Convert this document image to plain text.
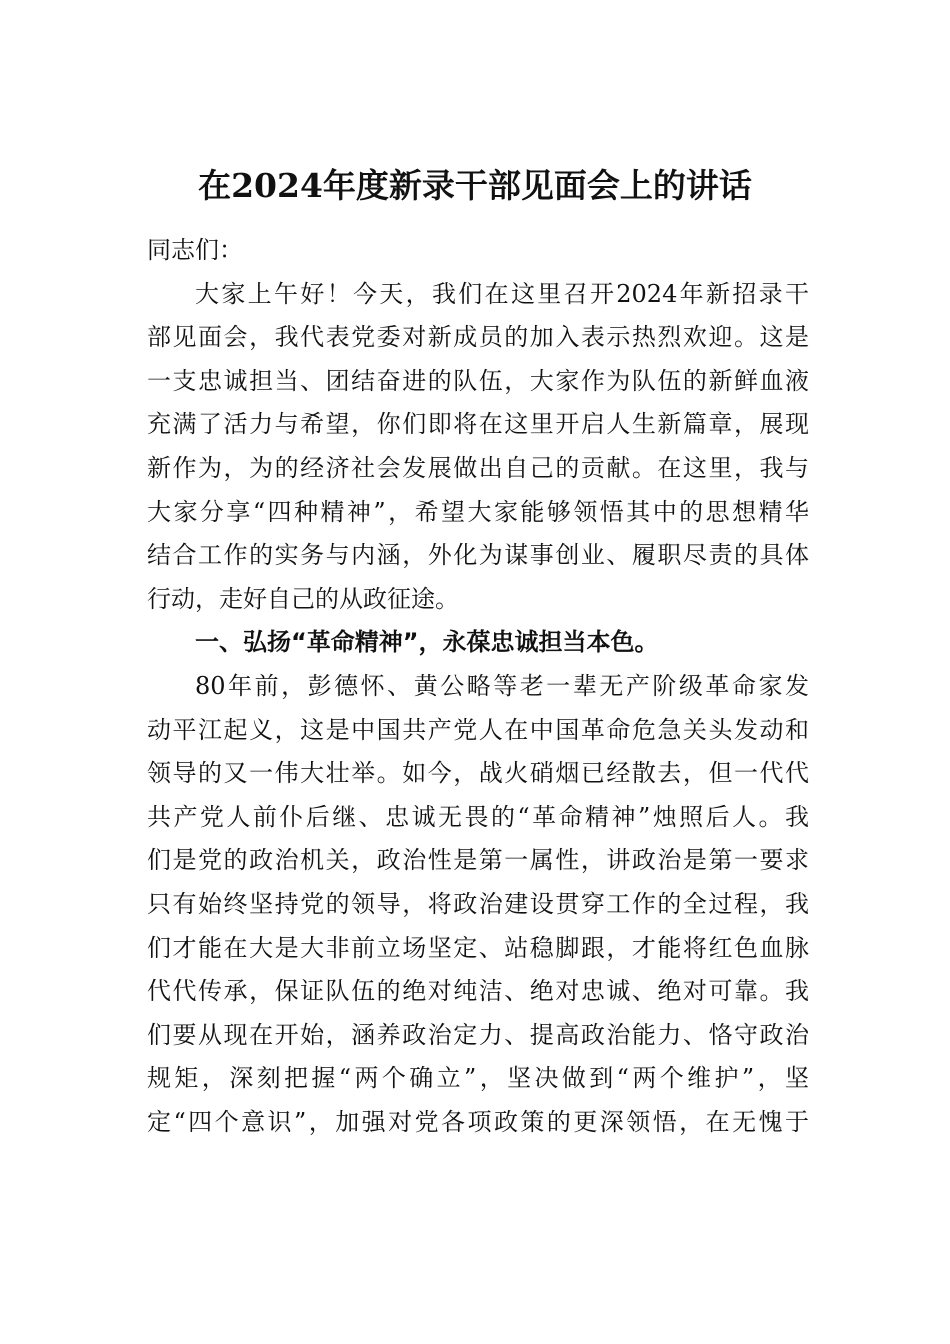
在2024年度新录干部见面会上的讲话
同志们：
大家上午好！今天，我们在这里召开2024年新招录干
部见面会，我代表党委对新成员的加入表示热烈欢迎。这是
一支忠诚担当、团结奋进的队伍，大家作为队伍的新鲜血液
充满了活力与希望，你们即将在这里开启人生新篇章，展现
新作为，为的经济社会发展做出自己的贡献。在这里，我与
大家分享“四种精神”，希望大家能够领悟其中的思想精华
结合工作的实务与内涵，外化为谋事创业、履职尽责的具体
行动，走好自己的从政征途。
一、弘扬“革命精神”，永葆忠诚担当本色。
80年前，彭德怀、黄公略等老一辈无产阶级革命家发
动平江起义，这是中国共产党人在中国革命危急关头发动和
领导的又一伟大壮举。如今，战火硝烟已经散去，但一代代
共产党人前仆后继、忠诚无畏的“革命精神”烛照后人。我
们是党的政治机关，政治性是第一属性，讲政治是第一要求
只有始终坚持党的领导，将政治建设贯穿工作的全过程，我
们才能在大是大非前立场坚定、站稳脚跟，才能将红色血脉
代代传承，保证队伍的绝对纯洁、绝对忠诚、绝对可靠。我
们要从现在开始，涵养政治定力、提高政治能力、恪守政治
规矩，深刻把握“两个确立”，坚决做到“两个维护”，坚
定“四个意识”，加强对党各项政策的更深领悟，在无愧于
